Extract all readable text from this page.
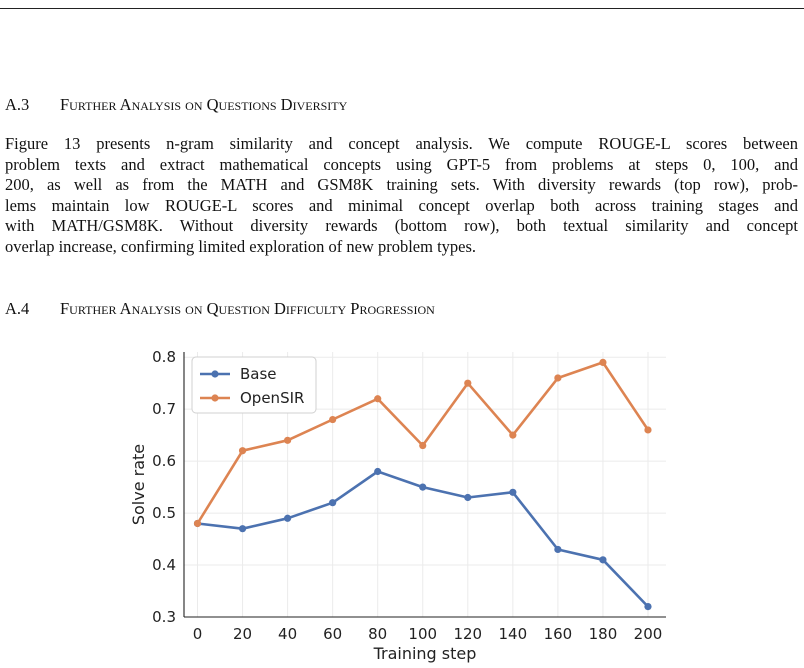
A.3 Further Analysis on Questions Diversity
Figure 13 presents n-gram similarity and concept analysis. We compute ROUGE-L scores between
problem texts and extract mathematical concepts using GPT-5 from problems at steps 0, 100, and
200, as well as from the MATH and GSM8K training sets. With diversity rewards (top row), prob-
lems maintain low ROUGE-L scores and minimal concept overlap both across training stages and
with MATH/GSM8K. Without diversity rewards (bottom row), both textual similarity and concept
overlap increase, confirming limited exploration of new problem types.
A.4 Further Analysis on Question Difficulty Progression
0 20 40 60 80 100 120 140 160 180 200
0.3
0.4
0.5
0.6
0.7
0.8
Training step
Solve rate
Base
OpenSIR
